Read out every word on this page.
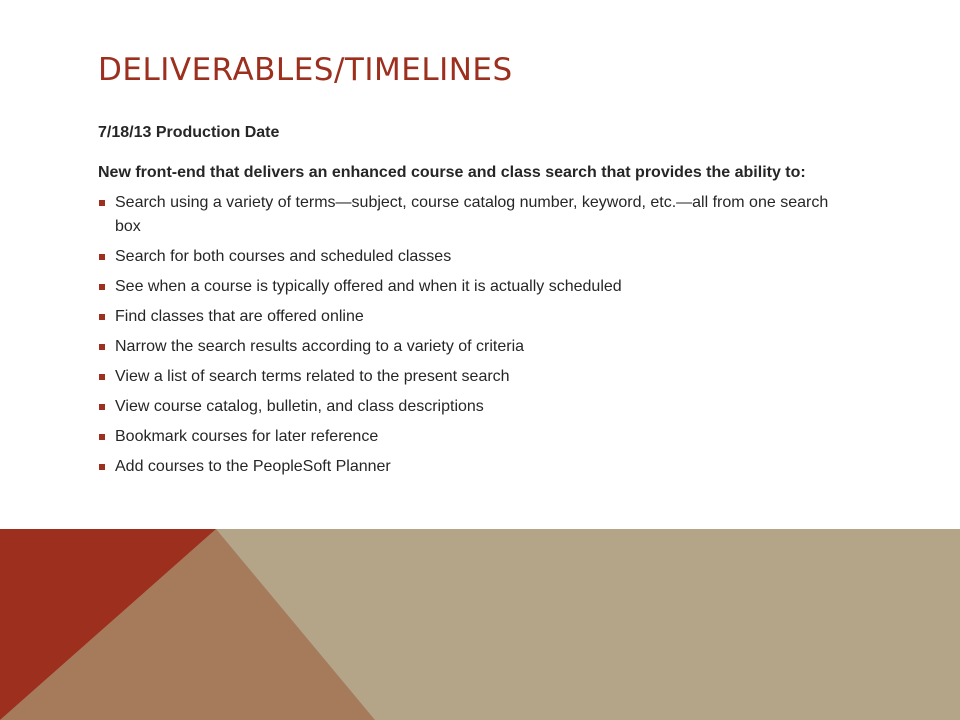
DELIVERABLES/TIMELINES

7/18/13 Production Date

New front-end that delivers an enhanced course and class search that provides the ability to:

Search using a variety of terms—subject, course catalog number, keyword, etc.—all from one search box
Search for both courses and scheduled classes
See when a course is typically offered and when it is actually scheduled
Find classes that are offered online
Narrow the search results according to a variety of criteria
View a list of search terms related to the present search
View course catalog, bulletin, and class descriptions
Bookmark courses for later reference
Add courses to the PeopleSoft Planner
